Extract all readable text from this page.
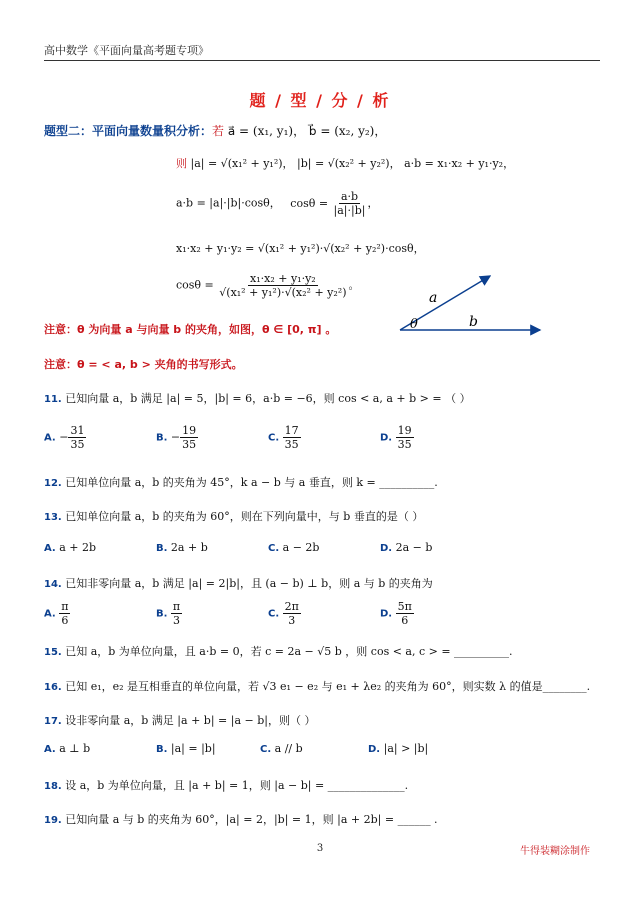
高中数学《平面向量高考题专项》
题 / 型 / 分 / 析
题型二：平面向量数量积分析：若 a⃗ = (x₁, y₁)， b⃗ = (x₂, y₂)，
则 |a| = √(x₁² + y₁²)， |b| = √(x₂² + y₂²)， a·b = x₁·x₂ + y₁·y₂，
a·b = |a|·|b|·cosθ， $\cos\theta = \frac{a\cdot b}{|a|\cdot|b|}$ ，
x₁·x₂ + y₁·y₂ = √(x₁² + y₁²)·√(x₂² + y₂²)·cosθ，
$\cos\theta = \frac{\text{x₁·x₂ + y₁·y₂}}{\text{√(x₁² + y₁²)·√(x₂² + y₂²)}}$ 。
a
b
θ
注意：θ 为向量 a 与向量 b 的夹角，如图，θ ∈ [0, π] 。
注意：θ = < a, b > 夹角的书写形式。
11. 已知向量 a，b 满足 |a| = 5，|b| = 6，a·b = −6，则 cos < a, a + b > = （ ）
A. − $\frac{31}{35}$	B. − $\frac{19}{35}$	C. $\frac{17}{35}$	D. $\frac{19}{35}$
12. 已知单位向量 a，b 的夹角为 45°，k a − b 与 a 垂直，则 k = __________.
13. 已知单位向量 a，b 的夹角为 60°，则在下列向量中，与 b 垂直的是（ ）
A. a + 2b	B. 2a + b	C. a − 2b	D. 2a − b
14. 已知非零向量 a，b 满足 |a| = 2|b|，且 (a − b) ⊥ b，则 a 与 b 的夹角为
A. $\frac{\pi}{6}$	B. $\frac{\pi}{3}$	C. $\frac{2\pi}{3}$	D. $\frac{5\pi}{6}$
15. 已知 a，b 为单位向量，且 a·b = 0，若 c = 2a − √5 b ，则 cos < a, c > = __________.
16. 已知 e₁，e₂ 是互相垂直的单位向量，若 √3 e₁ − e₂ 与 e₁ + λe₂ 的夹角为 60°，则实数 λ 的值是________.
17. 设非零向量 a，b 满足 |a + b| = |a − b|，则（ ）
A. a ⊥ b	B. |a| = |b|	C. a // b	D. |a| > |b|
18. 设 a，b 为单位向量，且 |a + b| = 1，则 |a − b| = ______________.
19. 已知向量 a 与 b 的夹角为 60°，|a| = 2，|b| = 1，则 |a + 2b| = ______ .
3	牛得装糊涂制作
